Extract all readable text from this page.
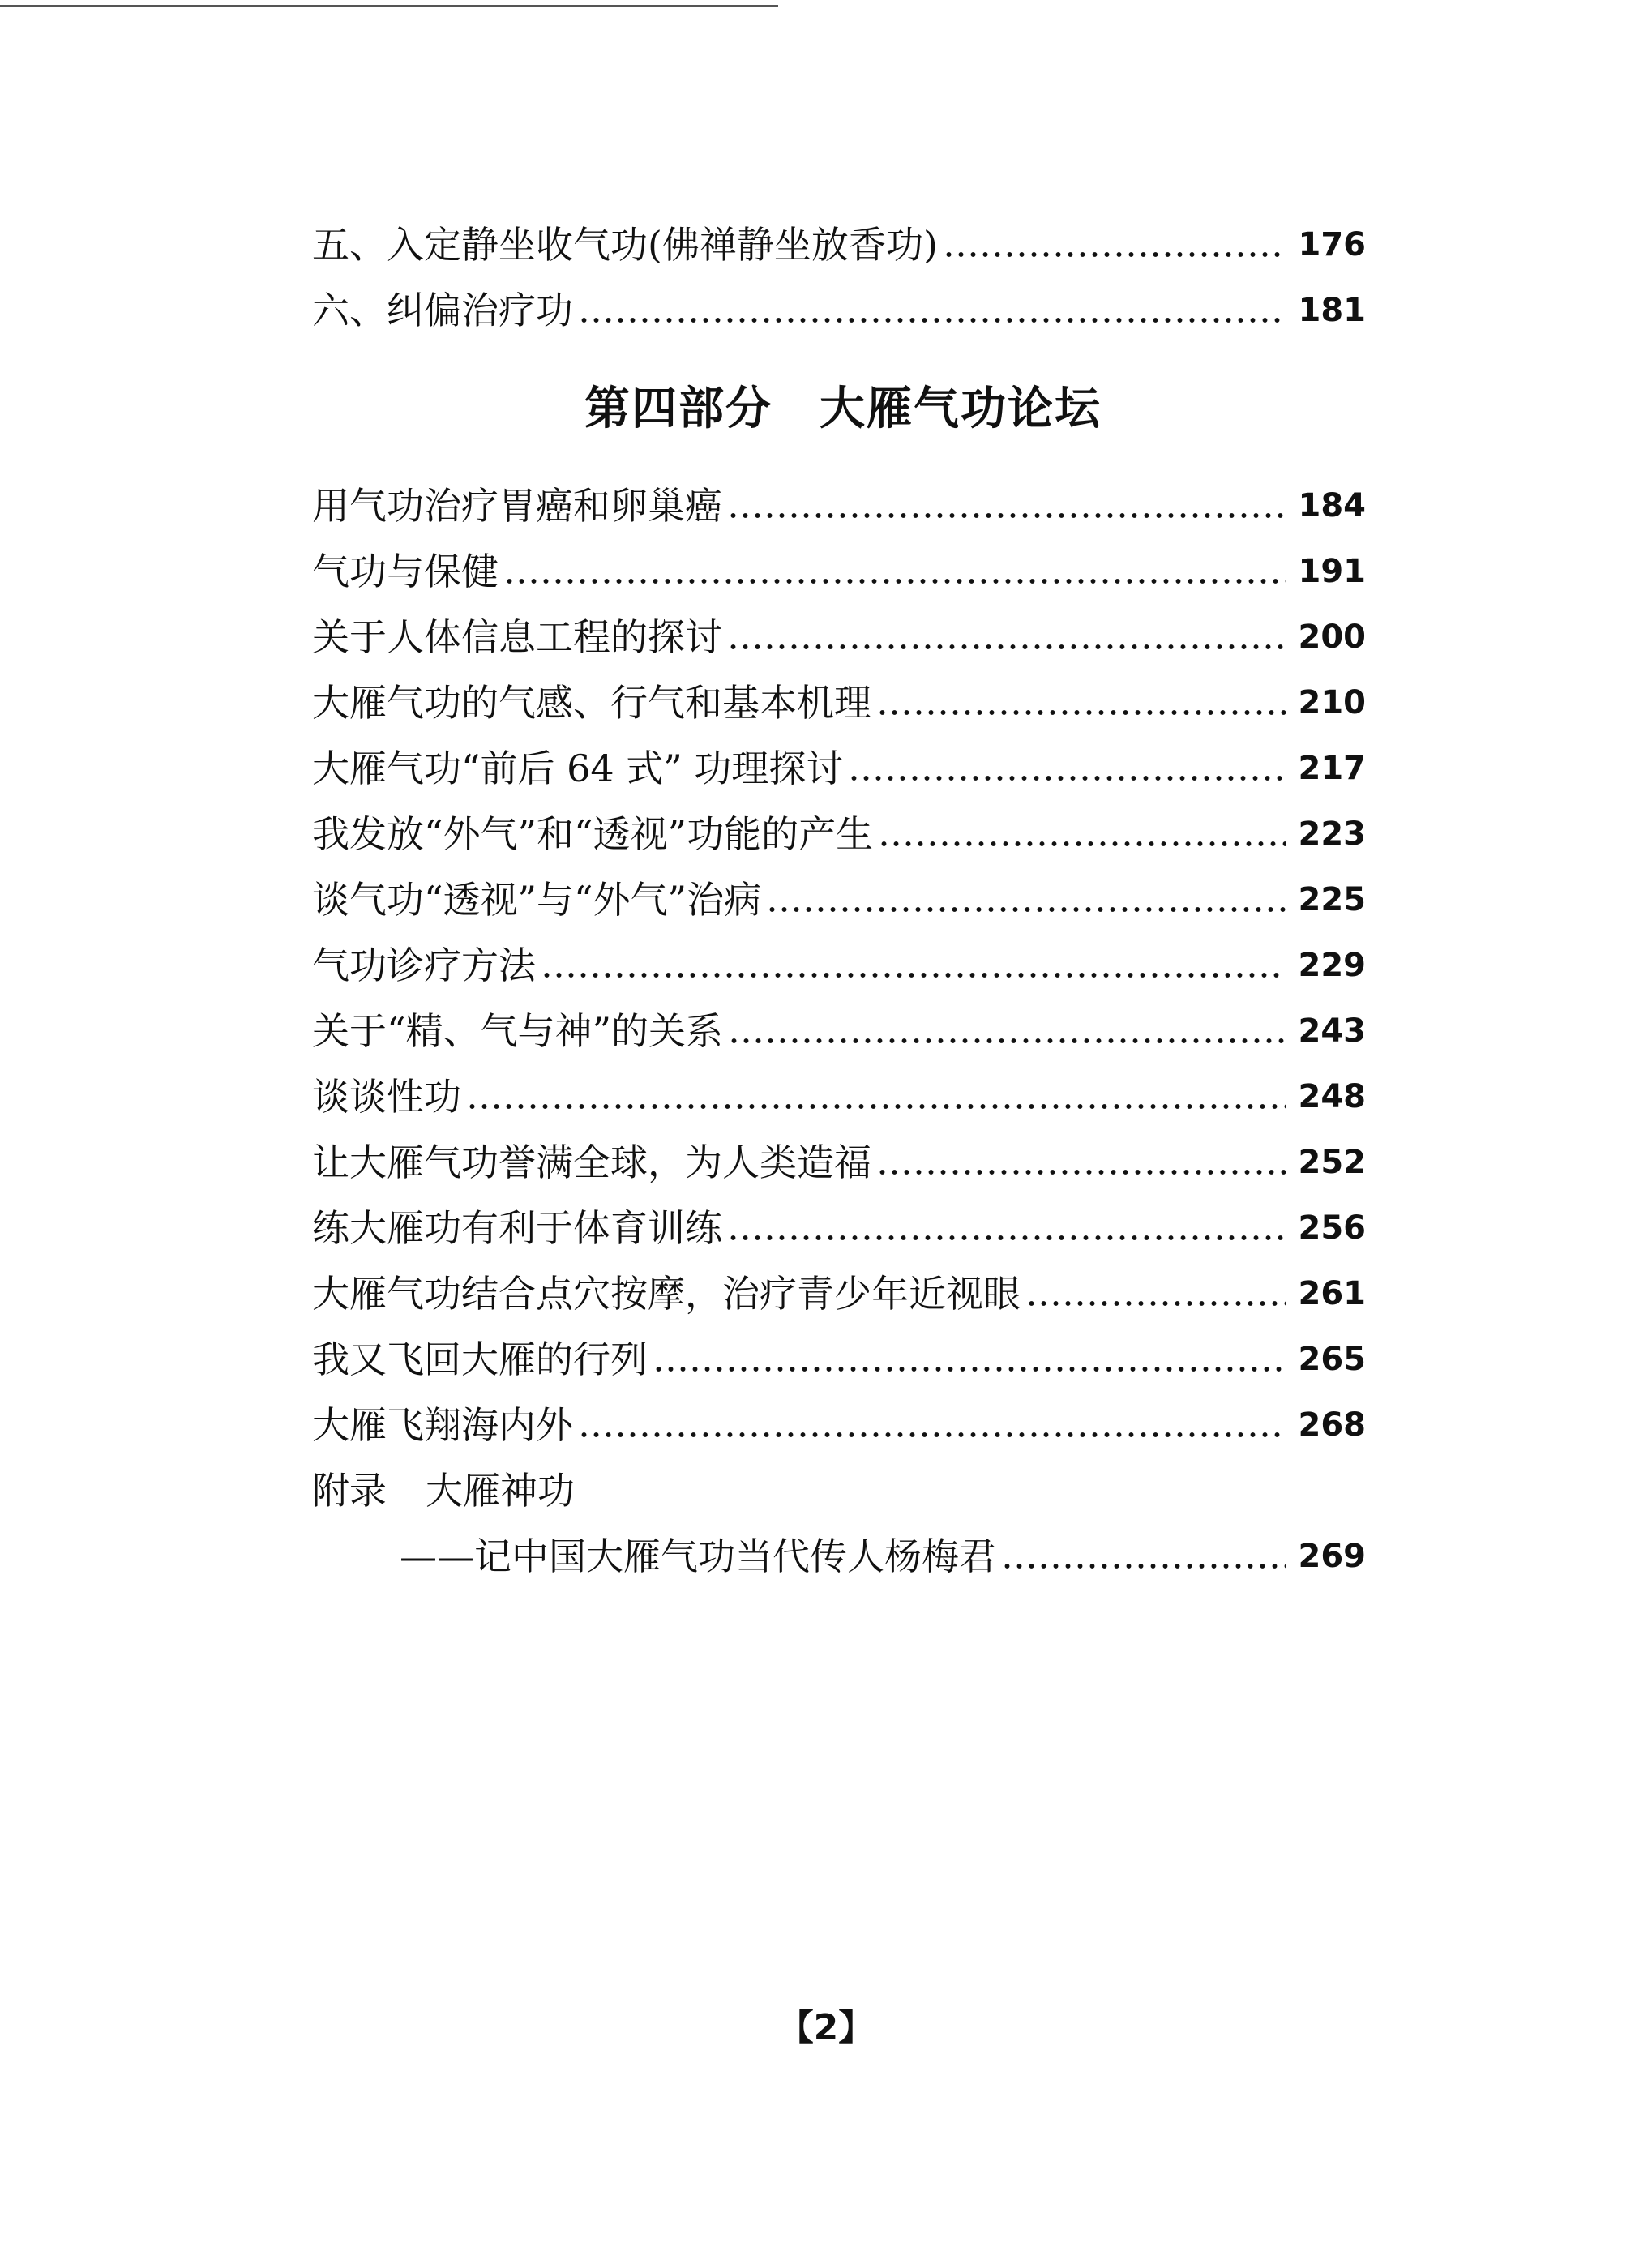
五、入定静坐收气功(佛禅静坐放香功)	176
六、纠偏治疗功	181
第四部分　大雁气功论坛
用气功治疗胃癌和卵巢癌	184
气功与保健	191
关于人体信息工程的探讨	200
大雁气功的气感、行气和基本机理	210
大雁气功“前后 64 式” 功理探讨	217
我发放“外气”和“透视”功能的产生	223
谈气功“透视”与“外气”治病	225
气功诊疗方法	229
关于“精、气与神”的关系	243
谈谈性功	248
让大雁气功誉满全球，为人类造福	252
练大雁功有利于体育训练	256
大雁气功结合点穴按摩，治疗青少年近视眼	261
我又飞回大雁的行列	265
大雁飞翔海内外	268
附录 大雁神功
——记中国大雁气功当代传人杨梅君	269
【2】
